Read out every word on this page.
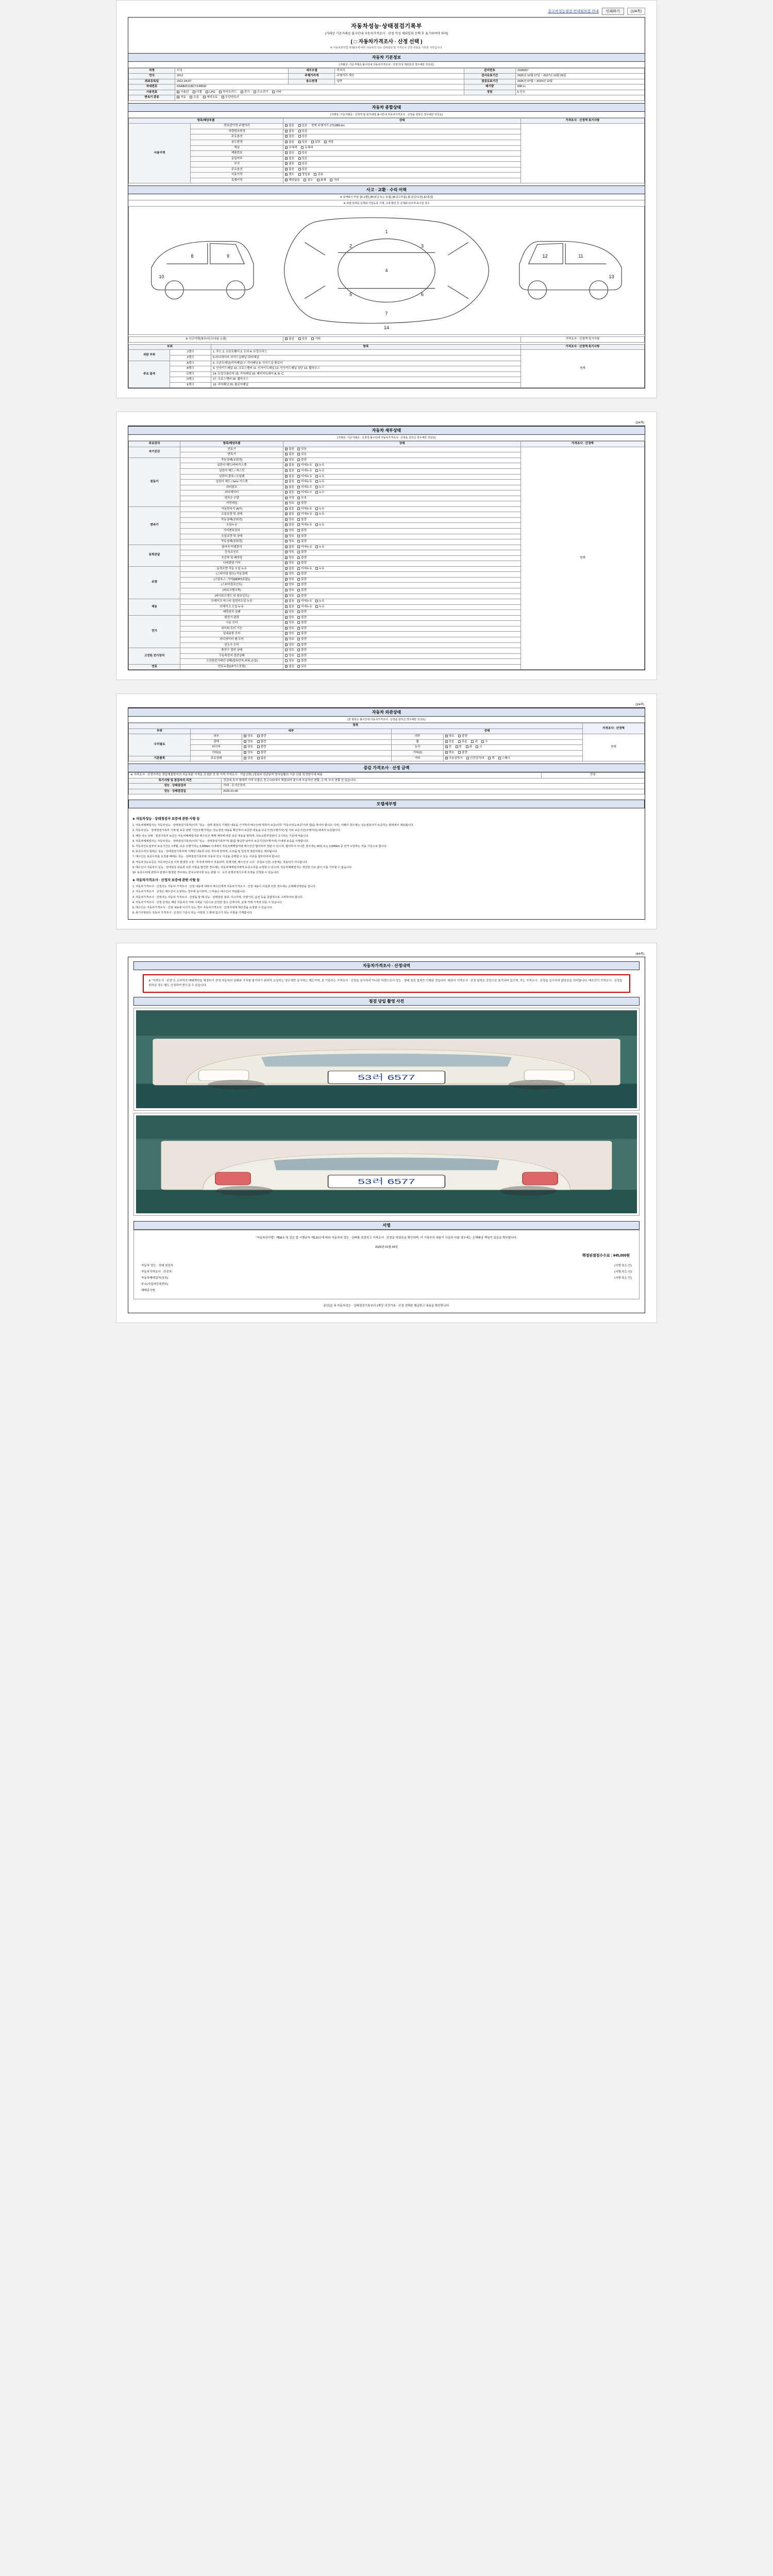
중고차성능점검 안내및보험 안내	인쇄하기	(1/4쪽)
자동차성능·상태점검기록부
(거래상 기준거래공 불시안내 자동차가격조사 · 산정 작성 제외일의 선택 후 표기하여야 하며)
( □ 자동차가격조사 · 산정 선택 )
※ 자동차관리법 제 58조에 따라 자동차의 성능·상태점검 및 가격조사·산정 내용을 기록한 서류입니다.
자동차 기본정보
(거래상 ·기준거래공 불시안내 자동차가격조사 · 산정 작성 제외일의 경우에만 작성요)
차명	모닝	세부모델	럭셔리	관리번호	2026057
연식	2012	주행거리계	주행거리 계산	검사유효기간	2025년 10월 27일 ~ 2027년 10월 26일
최초등록일	2011-04-07	용도변경	일반	점검유효기간	2025년 07월 ~ 2025년 12월
차대번호	KNAB2511BCY149590			배기량	998 cc
사용연료	가솔린 디젤 LPG 하이브리드 전기 수소전기 기타			정원	5 인승
변속기 종류	자동 수동 세미오토 무단변속기				
자동차 종합상태
(거래상 ·기준거래공 · 산정적 및 목가내양 불시안내 자동차가격조사 · 산정을 원하신 경우에만 작성요)
항목/해당부품		상태	가격조사 · 산정액 특기사항
사용이력	번호판이력 주행거리	없음 있음 현재 주행거리 173,886 km	
	차량번호변경	없음 있음	
	주요옵션	없음 있음	
	용도변경	없음 있음 압류 저당	
	색상	무채색 유채색	
	제품번호	없음 있음	
	동일여부	없음 있음	
	부식	없음 있음	
	주요옵션	없음 있음	
	사용이력	렌트 영업용 관용	
	특별이력	해당없음 침수 화재 기타	
사고 · 교환 · 수리 이력
※ 상태표시 부분: [X:교환], [W:판금 또는 용접], [A:중고부품], [C:판금/도장], [U:흠집]
※ 차량 상태를 실제와 가깝도록 기재, 고객 확인 후 실제와 다르게 표시된 경우
1
2	3
4
5	6
7
8	9
10
11
12
13
14
※ 사고이력(침수/사고/사용 노출)	없음	있음	기타	가격조사 · 산정액 특기사항
부위		항목	가격조사 · 산정액 특기사항
외판 부위	1랭크	1. 후드 2. 프론트휀더 3. 도어 4. 트렁크리드	현재
	2랭크	5.라디에이터·사이드실패널·쿼터패널	
주요 골격	A랭크	6. 프론트패널(리어패널) 7. 리어패널 8. 사이드실 플로어	
	B랭크	9. 인사이드패널 10. 크로스멤버 11. 인사이드패널 12. 인사이드패널 상단 13. 휠하우스	
	C랭크	14. 트렁크플로어 15. 리어패널 16. 패키지트레이 A. B. C.	
	D랭크	17. 크로스멤버 18. 휠하우스	
	E랭크	19. 리어패널 20. 플로어패널	
(2/4쪽)
자동차 세부상태
(거래상 ·기준거래공 · 산정적 불시안내 자동차가격조사 · 산정을 원하신 경우에만 작성요)
주요장치	항목/해당부품	상태	가격조사 · 산정액
자기진단	원동기	없음 있음	현재
	변속기	없음 있음	
원동기	작동상태(공회전)	양호 불량	
	실린더 헤드/커버가스켓	없음 미세누유 누유	
	실린더 헤드 / 개스킷	없음 미세누유 누유	
	실린더 블록 / 오일팬	없음 미세누유 누유	
	실린더 헤드 / herz 가스켓	없음 미세누유 누유	
	워터펌프	없음 미세누수 누수	
	라디에이터	없음 미세누수 누수	
	냉각수 수량	적정 부족	
	커먼레일	양호 불량	
변속기	자동변속기 (A/T)	없음 미세누유 누유	
	오일유량 및 상태	없음 미세누유 누유	
	작동상태(공회전)	양호 불량	
	오일누유	없음 미세누유 누유	
	기어변속장치	양호 불량	
	오일유량 및 상태	양호 불량	
	작동상태(공회전)	양호 불량	
동력전달	클러치 어셈블리	없음 미세누유 누유	
	등속조인트	양호 불량	
	추진축 및 베어링	양호 불량	
	디퍼렌셜 기어	양호 불량	
조향	동력조향 작동 오일 누유	없음 미세누유 누유	
	(스티어링 펌프) 작동상태	양호 불량	
	(고압호스 ·기어(MDPS포함))	양호 불량	
	(스티어링조인트)	양호 불량	
	(파워크랭크축)	양호 불량	
	(타이로드엔드 및 볼조인트)	양호 불량	
제동	브레이크 마스터 실린더오일 누유	없음 미세누유 누유	
	브레이크 오일 누유	없음 미세누유 누유	
	배력장치 상태	양호 불량	
전기	발전기 출력	양호 불량	
	시동 모터	양호 불량	
	와이퍼 모터 기능	양호 불량	
	실내송풍 모터	양호 불량	
	라디에이터 팬 모터	양호 불량	
	윈도우 모터	양호 불량	
고전원 전기장치	충전구 절연 상태	양호 불량	
	구동축전지 절연상태	양호 불량	
	고전원전기배선 상태(접속단자,피복,손상)	양호 불량	
연료	연료누출(LP가스포함)	없음 있음	
(3/4쪽)
자동차 외관상태
(전 항목은 불시안내 자동차가격조사 · 산정을 원하신 경우에만 작성요)
항목					가격조사 · 산정액
부위	내부		상태		
수리필요	외부	양호 불량	내부	양호 불량	현재
	광택	양호 불량	휠	전륜 후륜 좌 우	
	타이어	양호 불량	유리	전 후 좌 우	
	기타(1)	양호 불량	기타(2)	양호 불량	
기본품목	보유상태	있음 없음	기타	사용설명서 안전삼각대 잭 스패너	
증감 가격조사 · 산정 금액
※ 가격조사 · 산정가격은 정밀재물방지의 자동차분 가격을 산정한 것 및 가격 가격조사 · 기술신뢰( )정보와 연관된지 방지일률의 기준 산출 특정방식에 따름		만원
특기사항 및 점검자의 의견	정검에 특히 형태적 가격 부품은 중고나라에서 체결되어 좋으며 부분적인 현황, 도색, 부식 현황 등 있습니다.	
성능 · 상태점검자	거래 · 조사산정자	
성능 · 상태점검일	2026-01-05	
모텔세부명
◈ 자동차성능 · 상태점검자 보증에 관한 사항 등

1. 자동차매매업자는 자동차성능 · 상태점검기록부(이하 "성능 · 상태 점검의 기재된 내용을 근거하여 매수인에 대하여 보증(이하 "자동차성능보증"이라 함)을 하여야 합니다. 다만, 아래의 경우에는 성능점검자가 보증하는 범위에서 제외됩니다.

2. 자동차성능 · 상태점검기록부 기재 및 보증 관련 기간(주행거리)는 성능점검 내용을 확인하여 보증한 내용을 보증기간(주행거리) 및 기타 보증기간(주행거리) 내에서 보증합니다.

3. 해당 성능 상태 · 점검기록부 보증은 자동차매매업자와 매수인간 매매 계약에 따른 보증 내용을 말하며, 국토교통부장관이 고시하는 기준에 따릅니다.

4. 자동차매매업자는 자동차성능 · 상태점검기록부(이하 "성능 · 상태점검기록부"라 함)를 발급한 날부터 보증기간(주행거리) 이내에 보증을 이행합니다.

5. 자동차인도일부터 보증기간은 1개월, 보증 주행거리는 2,000km 이내에서 자동차매매업자와 매수인간 협의하여 정할 수 있으며, 협의하지 아니한 경우에는 30일 또는 2,000km 중 먼저 도달하는 것을 기준으로 합니다.

6. 보증수리의 범위는 성능 · 상태점검기록부에 기재된 내용과 다른 경우에 한하며, 소모품 및 일상적 점검사항은 제외됩니다.

7. 매수인은 보증수리를 요청할 때에는 성능 · 상태점검기록부와 자동차 인도 사실을 증명할 수 있는 서류를 첨부하여야 합니다.

8. 자동차성능보증은 자동차인도일 이후 발생한 고장 · 하자에 대하여 적용되며, 천재지변, 매수인의 고의 · 과실로 인한 고장에는 적용되지 아니합니다.

9. 매수인이 자동차의 성능 · 상태점검 내용과 다른 사항을 발견한 경우에는 자동차매매업자에게 보증수리를 요청할 수 있으며, 자동차매매업자는 정당한 사유 없이 이를 거부할 수 없습니다.

10. 보증수리에 관하여 분쟁이 발생한 경우에는 한국소비자원 또는 관할 시 · 도의 분쟁조정기구에 조정을 신청할 수 있습니다.

◈ 자동차가격조사 · 산정자 보증에 관한 사항 등

1. 자동차가격조사 · 산정자는 자동차 가격조사 · 산정 내용에 대하여 매수인에게 자동차가격조사 · 산정 내용이 사실과 다른 경우에는 손해배상책임을 집니다.

2. 자동차가격조사 · 산정은 매수인이 요청하는 경우에 실시하며, 그 비용은 매수인이 부담합니다.

3. 자동차가격조사 · 산정자는 자동차 가격조사 · 산정을 할 때 성능 · 상태점검 결과, 사고이력, 주행거리, 옵션 등을 종합적으로 고려하여야 합니다.

4. 자동차가격조사 · 산정 금액은 해당 자동차의 거래 시세를 기준으로 산정한 참고 금액이며, 실제 거래 가격과 다를 수 있습니다.

5. 매수인은 자동차가격조사 · 산정 내용에 이의가 있는 경우 자동차가격조사 · 산정자에게 재산정을 요청할 수 있습니다.

6. 복기사항란은 자동차 가격조사 · 산정의 기준이 되는 사항과 그 밖에 참고가 되는 사항을 기재합니다.

(4/4쪽)
자동차가격조사 · 산정내역
※ "가격조사 · 산정"은 소비자가 매매계약을 체결하기 전에 자동차의 상태와 가치를 평가하기 위하여 요청하는 경우에만 실시하는 제도이며, 본 기록부는 가격조사 · 산정을 실시하지 아니한 차량으로서 성능 · 상태 점검 결과만 기재된 것입니다. 따라서 가격조사 · 산정 항목은 공란으로 표기되어 있으며, 이는 가격조사 · 산정을 실시하지 않았음을 의미합니다. 매수인이 가격조사 · 산정을 원하실 경우 별도 신청하여 받으실 수 있습니다.
점검 당일 촬영 사진
53러 6577
53러 6577
서명
"자동차관리법", 제58조 및 같은 법 시행규칙 제120조에 따라 자동차의 성능 · 상태를 점검하고 가격조사 · 산정을 하였음을 확인하며, 이 기록부의 내용이 사실과 다를 경우에는 손해배상 책임이 있음을 확인합니다.
2026년 01월 05일
책정된점검수수료 : ¥45,000원
자동차 성능 · 상태 점검자	(서명 또는 인)
자동차가격조사 · 산정자	(서명 또는 인)
자동차매매업자(상호)	(서명 또는 인)
주소(사업자등록번호)
매매종사원
본인(들 외 자동차성능 · 상태점검기록부의 1쪽등 의견기록 · 산정 선택한 행급받고 내용을 확인받니다.
